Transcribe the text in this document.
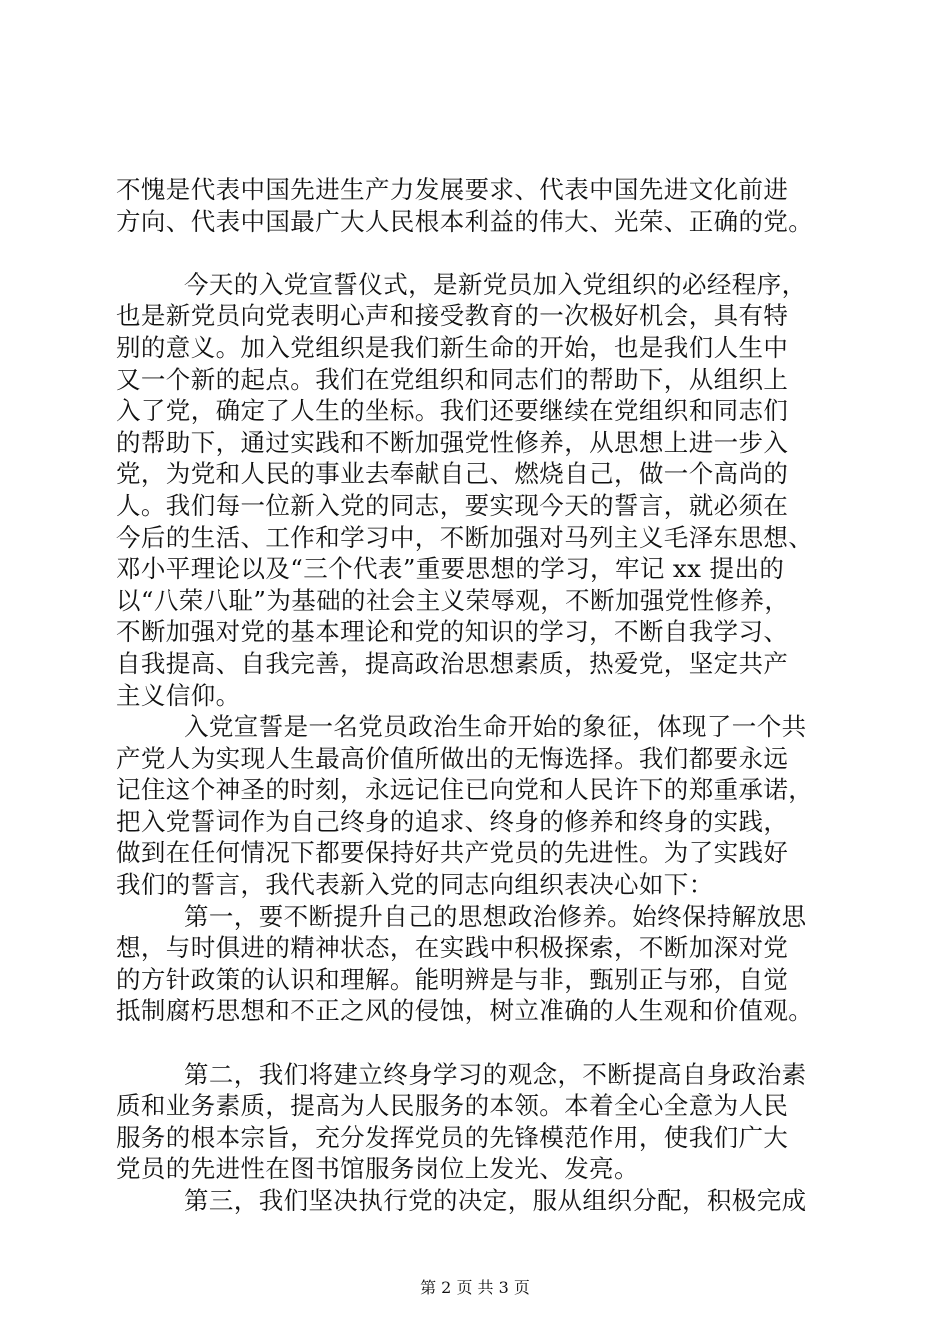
不愧是代表中国先进生产力发展要求、代表中国先进文化前进
方向、代表中国最广大人民根本利益的伟大、光荣、正确的党。

今天的入党宣誓仪式，是新党员加入党组织的必经程序，
也是新党员向党表明心声和接受教育的一次极好机会，具有特
别的意义。加入党组织是我们新生命的开始，也是我们人生中
又一个新的起点。我们在党组织和同志们的帮助下，从组织上
入了党，确定了人生的坐标。我们还要继续在党组织和同志们
的帮助下，通过实践和不断加强党性修养，从思想上进一步入
党，为党和人民的事业去奉献自己、燃烧自己，做一个高尚的
人。我们每一位新入党的同志，要实现今天的誓言，就必须在
今后的生活、工作和学习中，不断加强对马列主义毛泽东思想、
邓小平理论以及“三个代表”重要思想的学习，牢记 xx 提出的
以“八荣八耻”为基础的社会主义荣辱观，不断加强党性修养，
不断加强对党的基本理论和党的知识的学习，不断自我学习、
自我提高、自我完善，提高政治思想素质，热爱党，坚定共产
主义信仰。

入党宣誓是一名党员政治生命开始的象征，体现了一个共
产党人为实现人生最高价值所做出的无悔选择。我们都要永远
记住这个神圣的时刻，永远记住已向党和人民许下的郑重承诺，
把入党誓词作为自己终身的追求、终身的修养和终身的实践，
做到在任何情况下都要保持好共产党员的先进性。为了实践好
我们的誓言，我代表新入党的同志向组织表决心如下：

第一，要不断提升自己的思想政治修养。始终保持解放思
想，与时俱进的精神状态，在实践中积极探索，不断加深对党
的方针政策的认识和理解。能明辨是与非，甄别正与邪，自觉
抵制腐朽思想和不正之风的侵蚀，树立准确的人生观和价值观。

第二，我们将建立终身学习的观念，不断提高自身政治素
质和业务素质，提高为人民服务的本领。本着全心全意为人民
服务的根本宗旨，充分发挥党员的先锋模范作用，使我们广大
党员的先进性在图书馆服务岗位上发光、发亮。

第三，我们坚决执行党的决定，服从组织分配，积极完成

第 2 页 共 3 页
